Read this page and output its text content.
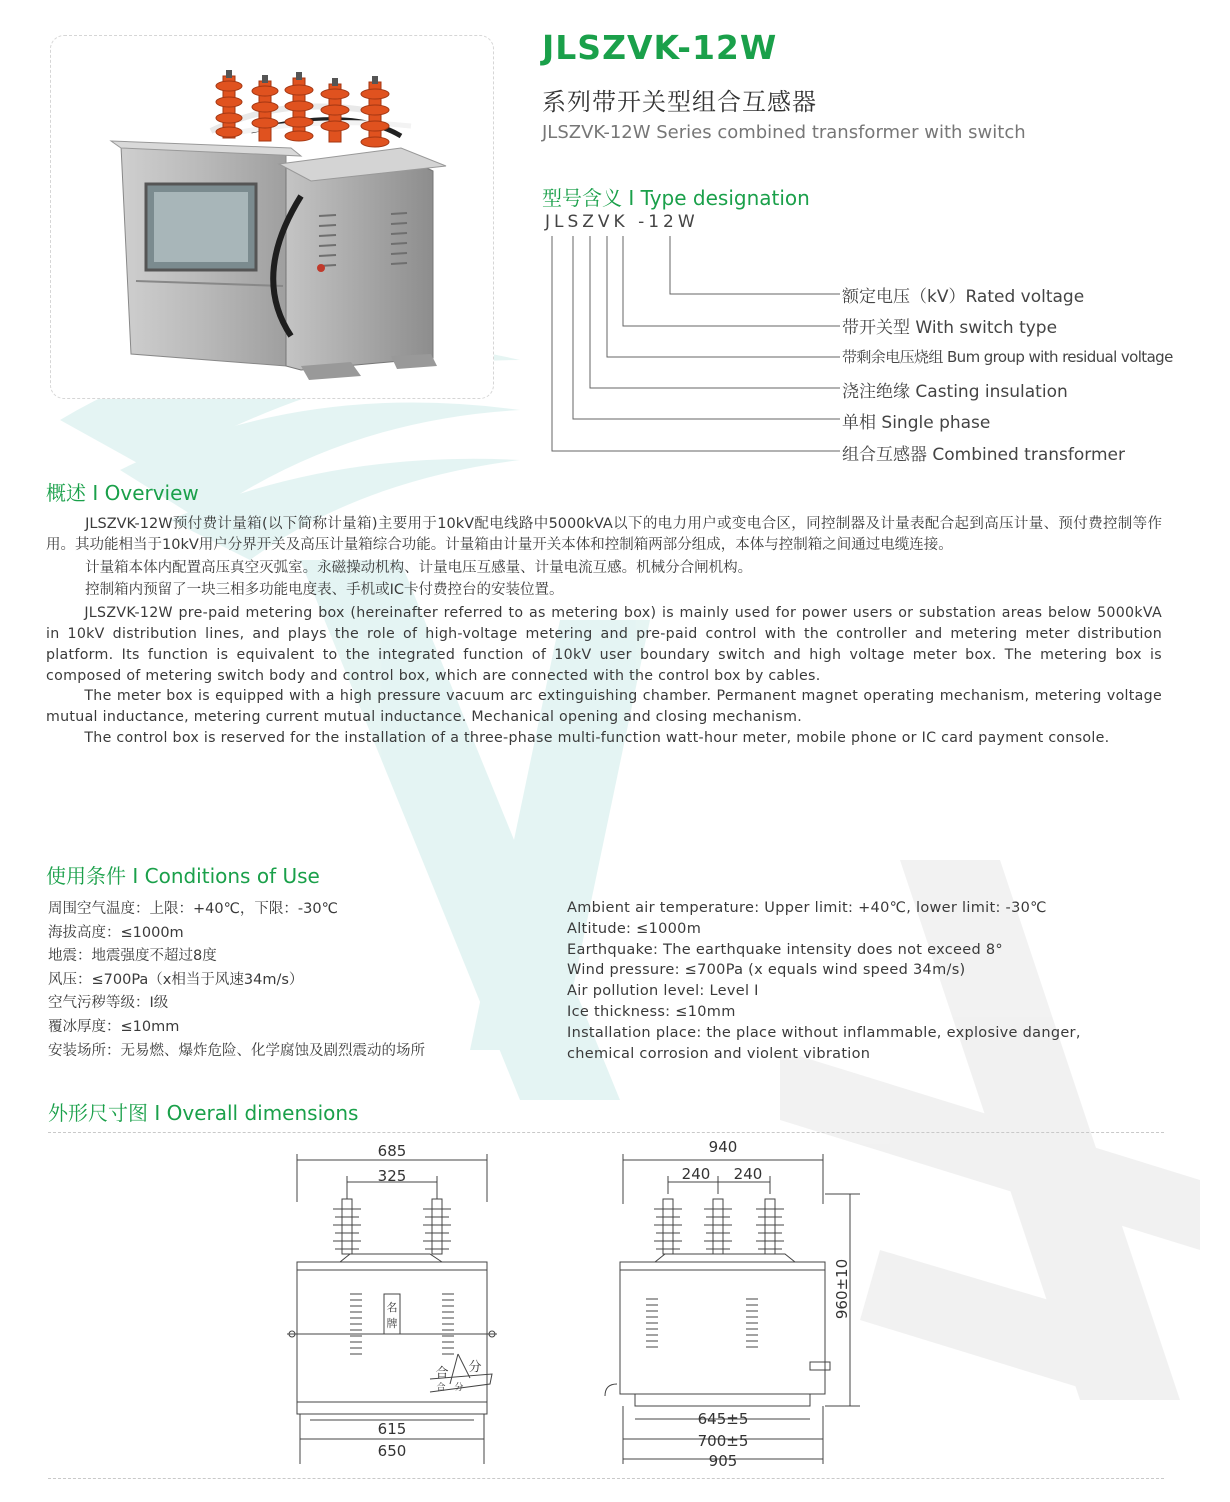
JLSZVK-12W
系列带开关型组合互感器
JLSZVK-12W Series combined transformer with switch
型号含义 I Type designation
JLSZVK -12W
额定电压（kV）Rated voltage
带开关型 With switch type
带剩余电压烧组 Bum group with residual voltage
浇注绝缘 Casting insulation
单相 Single phase
组合互感器 Combined transformer
概述 I Overview

JLSZVK-12W预付费计量箱(以下简称计量箱)主要用于10kV配电线路中5000kVA以下的电力用户或变电合区，同控制器及计量表配合起到高压计量、预付费控制等作用。其功能相当于10kV用户分界开关及高压计量箱综合功能。计量箱由计量开关本体和控制箱两部分组成，本体与控制箱之间通过电缆连接。

计量箱本体内配置高压真空灭弧室。永磁操动机构、计量电压互感量、计量电流互感。机械分合闸机构。

控制箱内预留了一块三相多功能电度表、手机或IC卡付费控台的安装位置。

JLSZVK-12W pre-paid metering box (hereinafter referred to as metering box) is mainly used for power users or substation areas below 5000kVA in 10kV distribution lines, and plays the role of high-voltage metering and pre-paid control with the controller and metering meter distribution platform. Its function is equivalent to the integrated function of 10kV user boundary switch and high voltage meter box. The metering box is composed of metering switch body and control box, which are connected with the control box by cables.

The meter box is equipped with a high pressure vacuum arc extinguishing chamber. Permanent magnet operating mechanism, metering voltage mutual inductance, metering current mutual inductance. Mechanical opening and closing mechanism.

The control box is reserved for the installation of a three-phase multi-function watt-hour meter, mobile phone or IC card payment console.

使用条件 I Conditions of Use
周围空气温度：上限：+40℃，下限：-30℃
海拔高度：≤1000m
地震：地震强度不超过8度
风压：≤700Pa（x相当于风速34m/s）
空气污秽等级：I级
覆冰厚度：≤10mm
安装场所：无易燃、爆炸危险、化学腐蚀及剧烈震动的场所
Ambient air temperature: Upper limit: +40℃, lower limit: -30℃
Altitude: ≤1000m
Earthquake: The earthquake intensity does not exceed 8°
Wind pressure: ≤700Pa (x equals wind speed 34m/s)
Air pollution level: Level I
Ice thickness: ≤10mm
Installation place: the place without inflammable, explosive danger,
chemical corrosion and violent vibration
外形尺寸图 I Overall dimensions
685
325
615
650
940
240 240
645±5
700±5
905
960±10
名
牌
合 分
合　分
